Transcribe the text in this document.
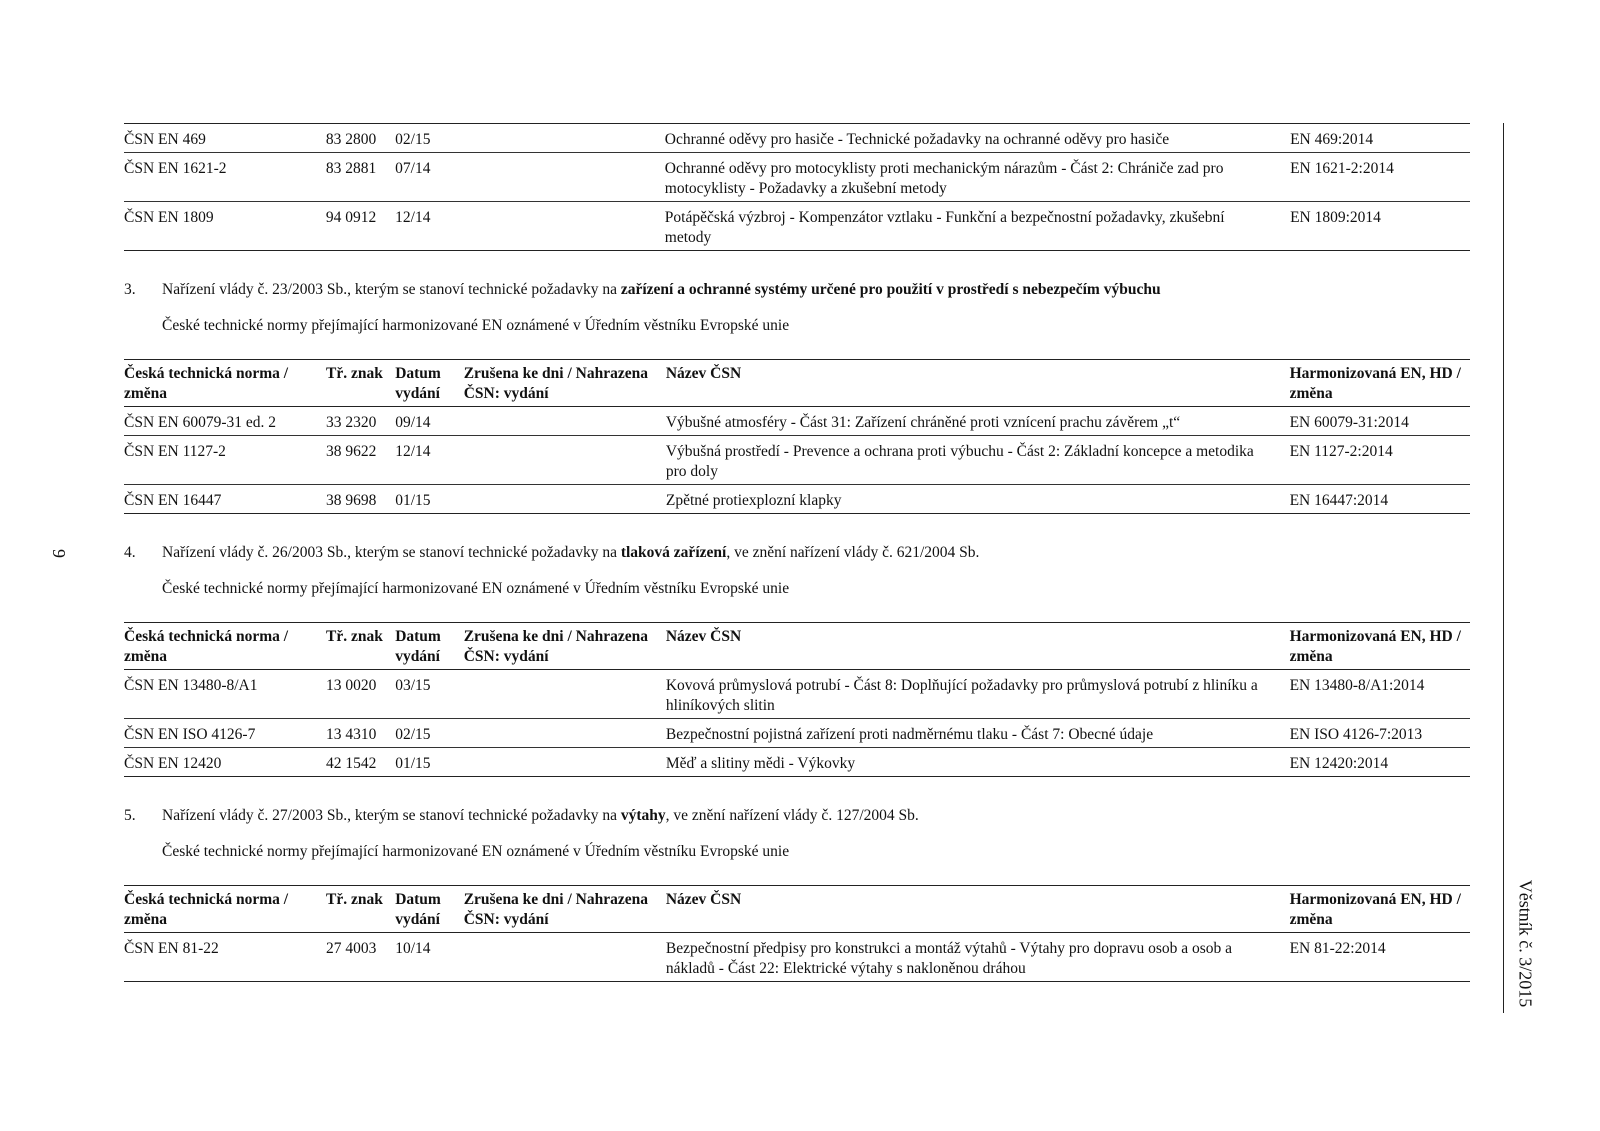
ČSN EN 469	83 2800	02/15		Ochranné oděvy pro hasiče - Technické požadavky na ochranné oděvy pro hasiče	EN 469:2014
ČSN EN 1621-2	83 2881	07/14		Ochranné oděvy pro motocyklisty proti mechanickým nárazům - Část 2: Chrániče zad pro motocyklisty - Požadavky a zkušební metody	EN 1621-2:2014
ČSN EN 1809	94 0912	12/14		Potápěčská výzbroj - Kompenzátor vztlaku - Funkční a bezpečnostní požadavky, zkušební metody	EN 1809:2014
3. Nařízení vlády č. 23/2003 Sb., kterým se stanoví technické požadavky na zařízení a ochranné systémy určené pro použití v prostředí s nebezpečím výbuchu
České technické normy přejímající harmonizované EN oznámené v Úředním věstníku Evropské unie
Česká technická norma / změna	Tř. znak	Datum vydání	Zrušena ke dni / Nahrazena ČSN: vydání	Název ČSN	Harmonizovaná EN, HD / změna
ČSN EN 60079-31 ed. 2	33 2320	09/14		Výbušné atmosféry - Část 31: Zařízení chráněné proti vznícení prachu závěrem „t“	EN 60079-31:2014
ČSN EN 1127-2	38 9622	12/14		Výbušná prostředí - Prevence a ochrana proti výbuchu - Část 2: Základní koncepce a metodika pro doly	EN 1127-2:2014
ČSN EN 16447	38 9698	01/15		Zpětné protiexplozní klapky	EN 16447:2014
4. Nařízení vlády č. 26/2003 Sb., kterým se stanoví technické požadavky na tlaková zařízení, ve znění nařízení vlády č. 621/2004 Sb.
České technické normy přejímající harmonizované EN oznámené v Úředním věstníku Evropské unie
Česká technická norma / změna	Tř. znak	Datum vydání	Zrušena ke dni / Nahrazena ČSN: vydání	Název ČSN	Harmonizovaná EN, HD / změna
ČSN EN 13480-8/A1	13 0020	03/15		Kovová průmyslová potrubí - Část 8: Doplňující požadavky pro průmyslová potrubí z hliníku a hliníkových slitin	EN 13480-8/A1:2014
ČSN EN ISO 4126-7	13 4310	02/15		Bezpečnostní pojistná zařízení proti nadměrnému tlaku - Část 7: Obecné údaje	EN ISO 4126-7:2013
ČSN EN 12420	42 1542	01/15		Měď a slitiny mědi - Výkovky	EN 12420:2014
5. Nařízení vlády č. 27/2003 Sb., kterým se stanoví technické požadavky na výtahy, ve znění nařízení vlády č. 127/2004 Sb.
České technické normy přejímající harmonizované EN oznámené v Úředním věstníku Evropské unie
Česká technická norma / změna	Tř. znak	Datum vydání	Zrušena ke dni / Nahrazena ČSN: vydání	Název ČSN	Harmonizovaná EN, HD / změna
ČSN EN 81-22	27 4003	10/14		Bezpečnostní předpisy pro konstrukci a montáž výtahů - Výtahy pro dopravu osob a osob a nákladů - Část 22: Elektrické výtahy s nakloněnou dráhou	EN 81-22:2014
9
Věstník č. 3/2015
